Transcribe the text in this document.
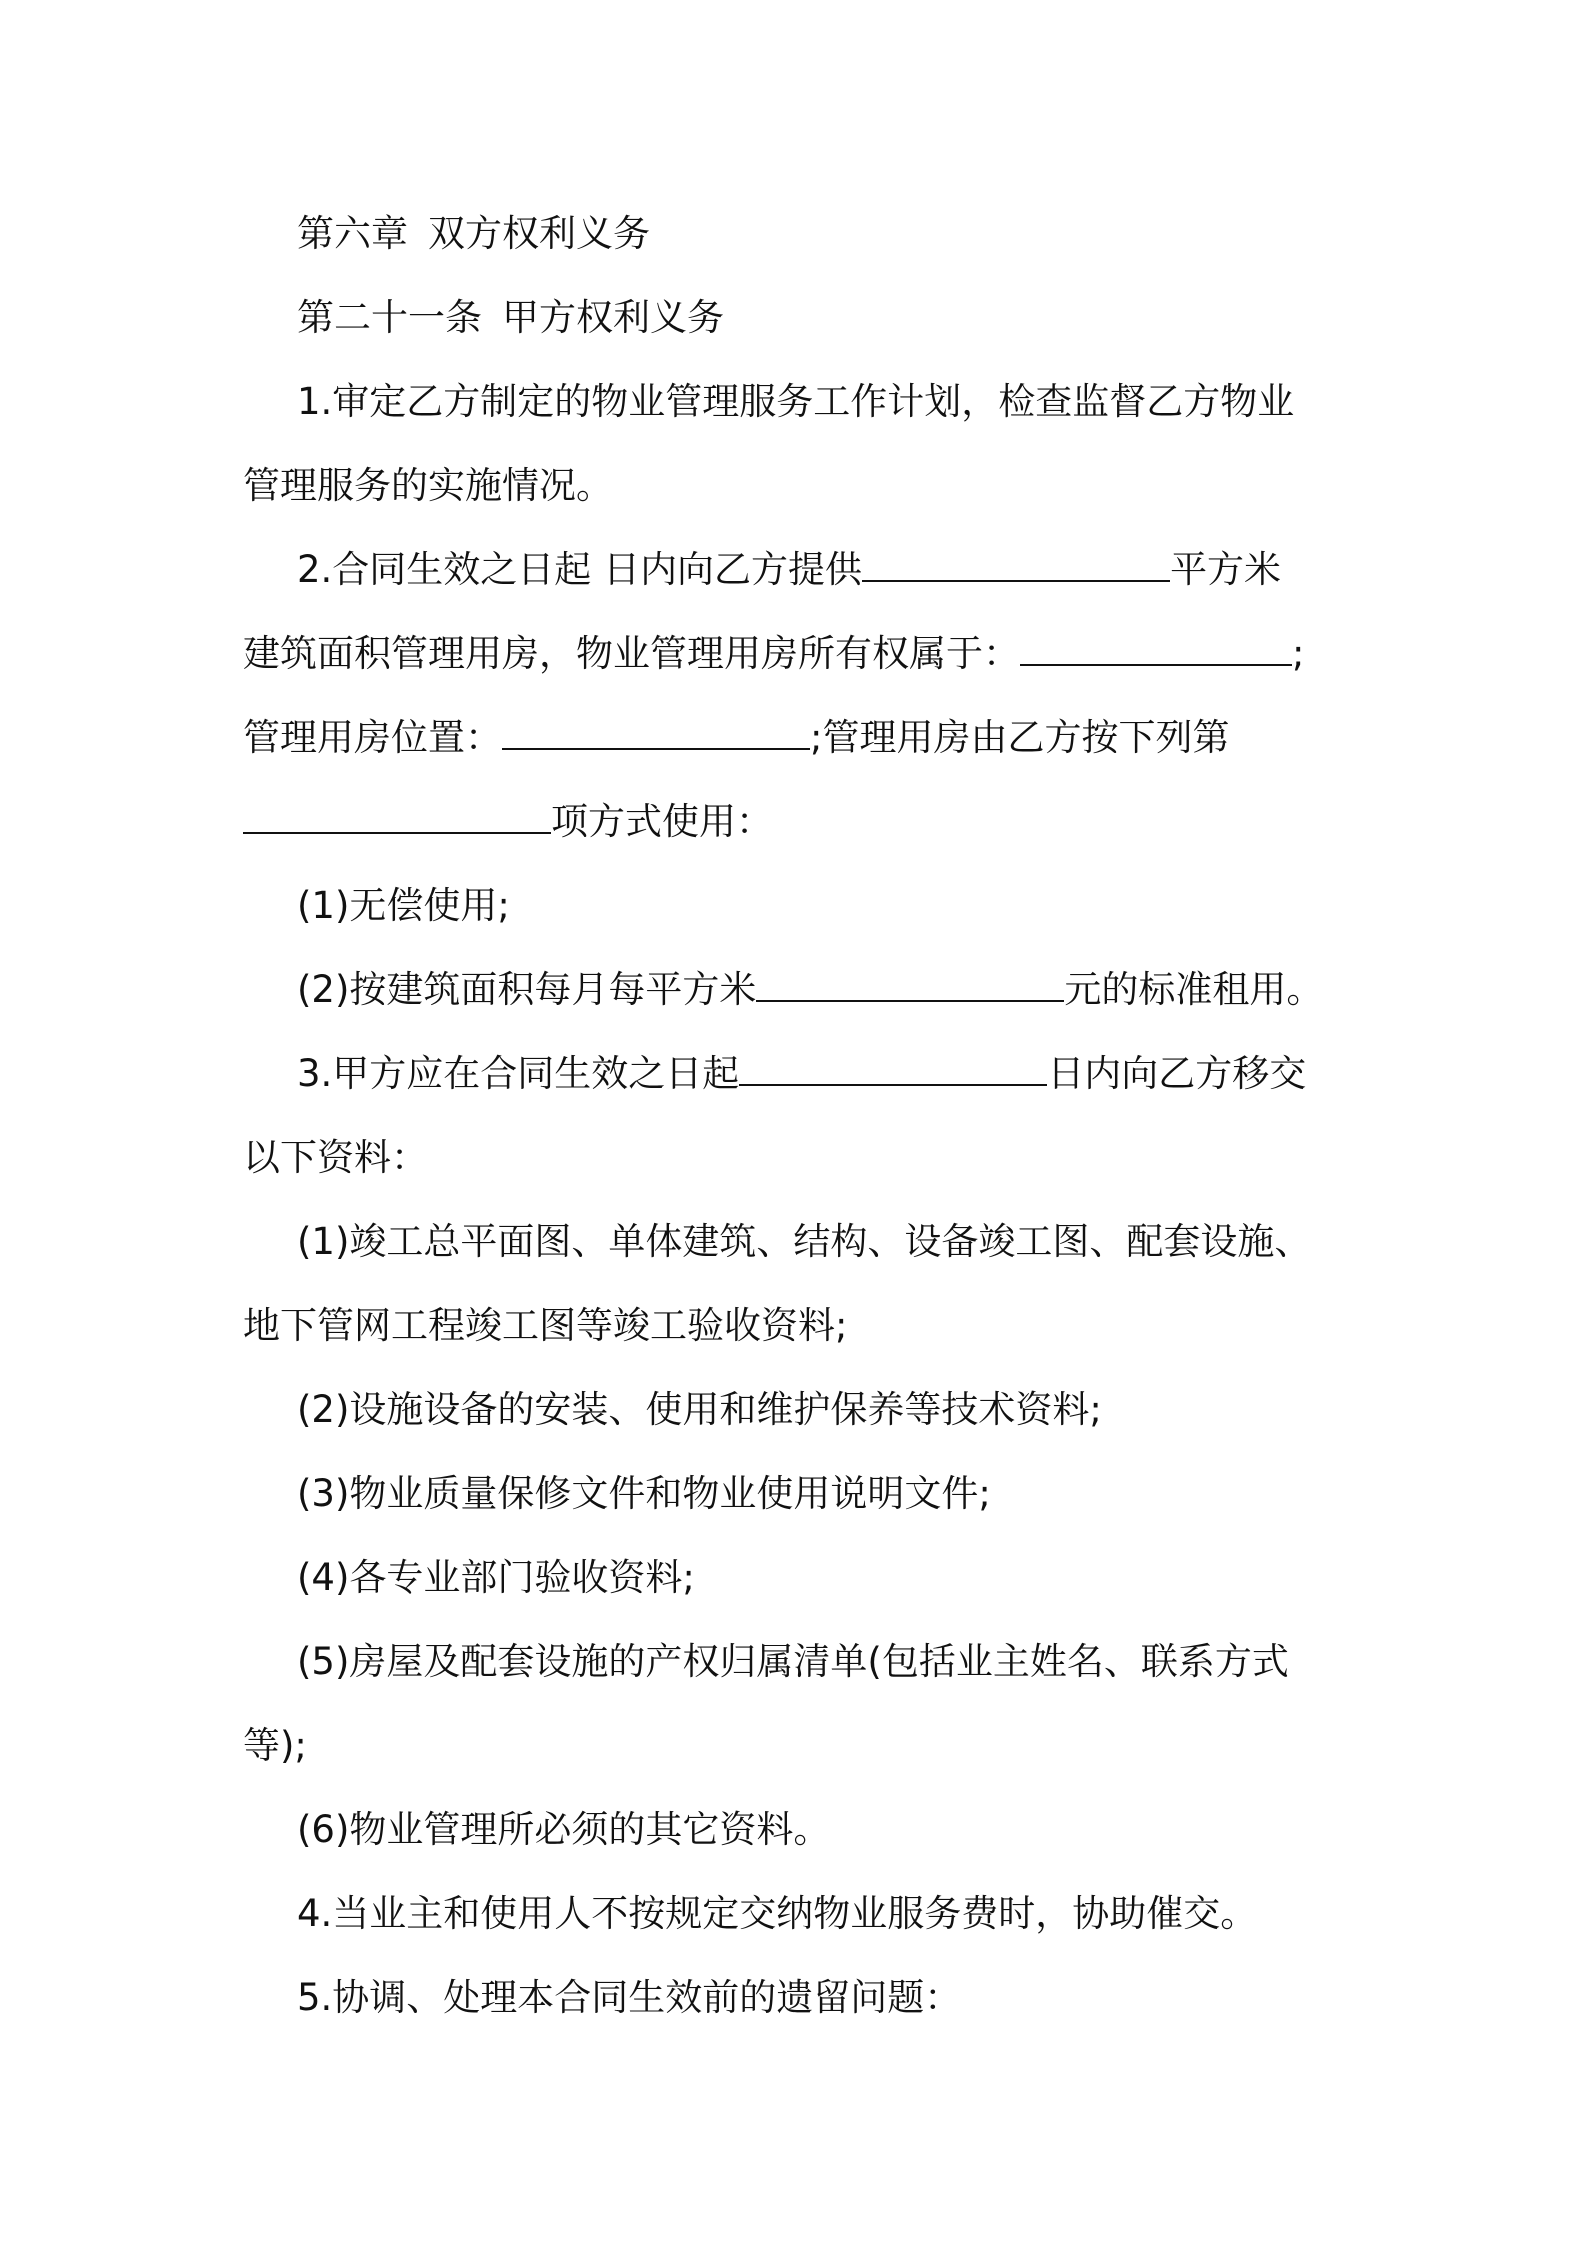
第六章 双方权利义务

第二十一条 甲方权利义务

1.审定乙方制定的物业管理服务工作计划，检查监督乙方物业

管理服务的实施情况。

2.合同生效之日起 日内向乙方提供	平方米

建筑面积管理用房，物业管理用房所有权属于：	;

管理用房位置：	;管理用房由乙方按下列第

项方式使用：

(1)无偿使用;

(2)按建筑面积每月每平方米	元的标准租用。

3.甲方应在合同生效之日起	日内向乙方移交

以下资料：

(1)竣工总平面图、单体建筑、结构、设备竣工图、配套设施、

地下管网工程竣工图等竣工验收资料;

(2)设施设备的安装、使用和维护保养等技术资料;

(3)物业质量保修文件和物业使用说明文件;

(4)各专业部门验收资料;

(5)房屋及配套设施的产权归属清单(包括业主姓名、联系方式

等);

(6)物业管理所必须的其它资料。

4.当业主和使用人不按规定交纳物业服务费时，协助催交。

5.协调、处理本合同生效前的遗留问题：
